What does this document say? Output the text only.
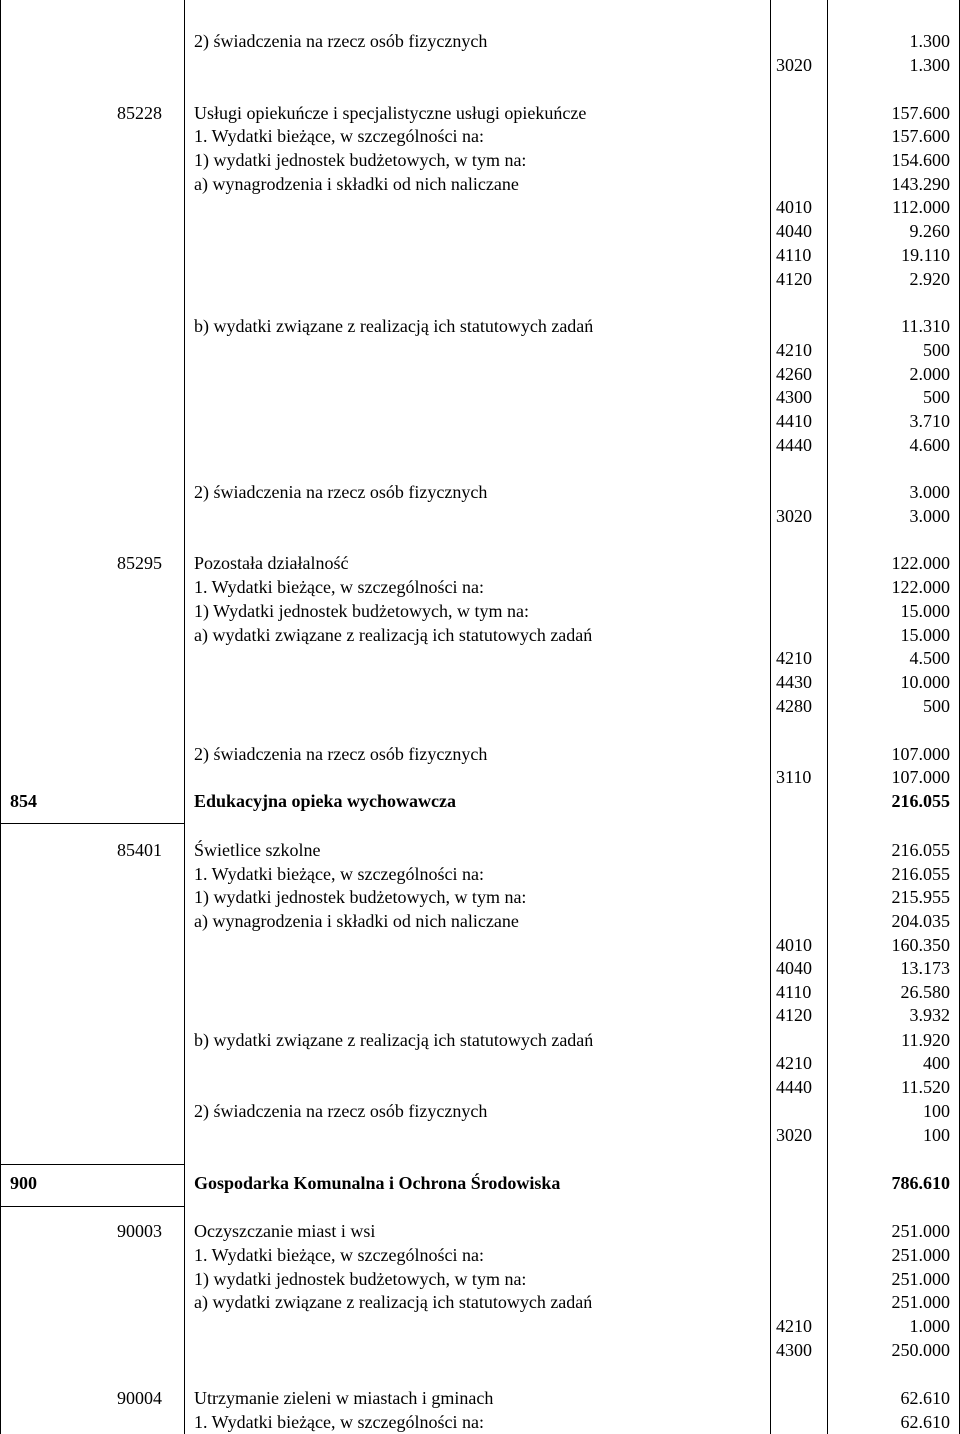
2) świadczenia na rzecz osób fizycznych	1.300
3020	1.300
85228 Usługi opiekuńcze i specjalistyczne usługi opiekuńcze	157.600
1. Wydatki bieżące, w szczególności na:	157.600
1) wydatki jednostek budżetowych, w tym na:	154.600
a) wynagrodzenia i składki od nich naliczane	143.290
4010	112.000
4040	9.260
4110	19.110
4120	2.920
b) wydatki związane z realizacją ich statutowych zadań	11.310
4210	500
4260	2.000
4300	500
4410	3.710
4440	4.600
2) świadczenia na rzecz osób fizycznych	3.000
3020	3.000
85295 Pozostała działalność	122.000
1. Wydatki bieżące, w szczególności na:	122.000
1) Wydatki jednostek budżetowych, w tym na:	15.000
a) wydatki związane z realizacją ich statutowych zadań	15.000
4210	4.500
4430	10.000
4280	500
2) świadczenia na rzecz osób fizycznych	107.000
3110	107.000
854	Edukacyjna opieka wychowawcza	216.055
85401 Świetlice szkolne	216.055
1. Wydatki bieżące, w szczególności na:	216.055
1) wydatki jednostek budżetowych, w tym na:	215.955
a) wynagrodzenia i składki od nich naliczane	204.035
4010	160.350
4040	13.173
4110	26.580
4120	3.932
b) wydatki związane z realizacją ich statutowych zadań	11.920
4210	400
4440	11.520
2) świadczenia na rzecz osób fizycznych	100
3020	100
900	Gospodarka Komunalna i Ochrona Środowiska	786.610
90003 Oczyszczanie miast i wsi	251.000
1. Wydatki bieżące, w szczególności na:	251.000
1) wydatki jednostek budżetowych, w tym na:	251.000
a) wydatki związane z realizacją ich statutowych zadań	251.000
4210	1.000
4300	250.000
90004 Utrzymanie zieleni w miastach i gminach	62.610
1. Wydatki bieżące, w szczególności na:	62.610
